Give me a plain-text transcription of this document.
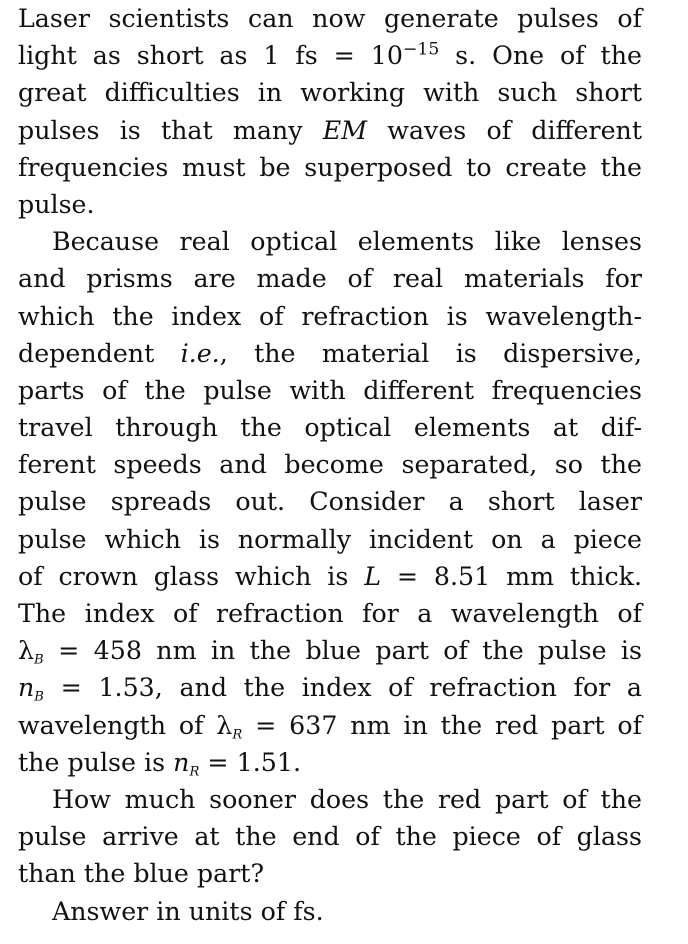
Laser scientists can now generate pulses of
light as short as 1 fs = $10^{-15}$ s. One of the
great difficulties in working with such short
pulses is that many EM waves of different
frequencies must be superposed to create the
pulse.
Because real optical elements like lenses
and prisms are made of real materials for
which the index of refraction is wavelength-
dependent i.e., the material is dispersive,
parts of the pulse with different frequencies
travel through the optical elements at dif-
ferent speeds and become separated, so the
pulse spreads out. Consider a short laser
pulse which is normally incident on a piece
of crown glass which is L = 8.51 mm thick.
The index of refraction for a wavelength of
$\lambda_B = 458$ nm in the blue part of the pulse is
$n_B = 1.53$, and the index of refraction for a
wavelength of $\lambda_R = 637$ nm in the red part of
the pulse is $n_R = 1.51$.
How much sooner does the red part of the
pulse arrive at the end of the piece of glass
than the blue part?
Answer in units of fs.
